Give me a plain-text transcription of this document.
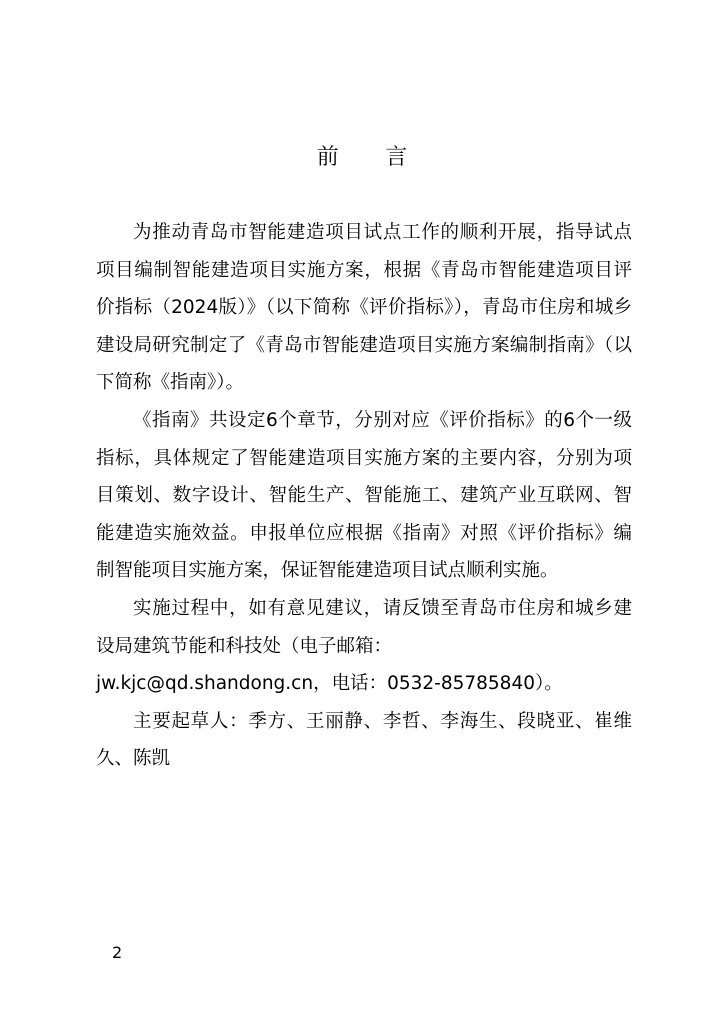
前 言

为推动青岛市智能建造项目试点工作的顺利开展，指导试点项目编制智能建造项目实施方案，根据《青岛市智能建造项目评价指标（2024版）》（以下简称《评价指标》），青岛市住房和城乡建设局研究制定了《青岛市智能建造项目实施方案编制指南》（以下简称《指南》）。

《指南》共设定6个章节，分别对应《评价指标》的6个一级指标，具体规定了智能建造项目实施方案的主要内容，分别为项目策划、数字设计、智能生产、智能施工、建筑产业互联网、智能建造实施效益。申报单位应根据《指南》对照《评价指标》编制智能项目实施方案，保证智能建造项目试点顺利实施。

实施过程中，如有意见建议，请反馈至青岛市住房和城乡建设局建筑节能和科技处（电子邮箱：
jw.kjc@qd.shandong.cn，电话：0532-85785840）。

主要起草人：季方、王丽静、李哲、李海生、段晓亚、崔维久、陈凯

2
